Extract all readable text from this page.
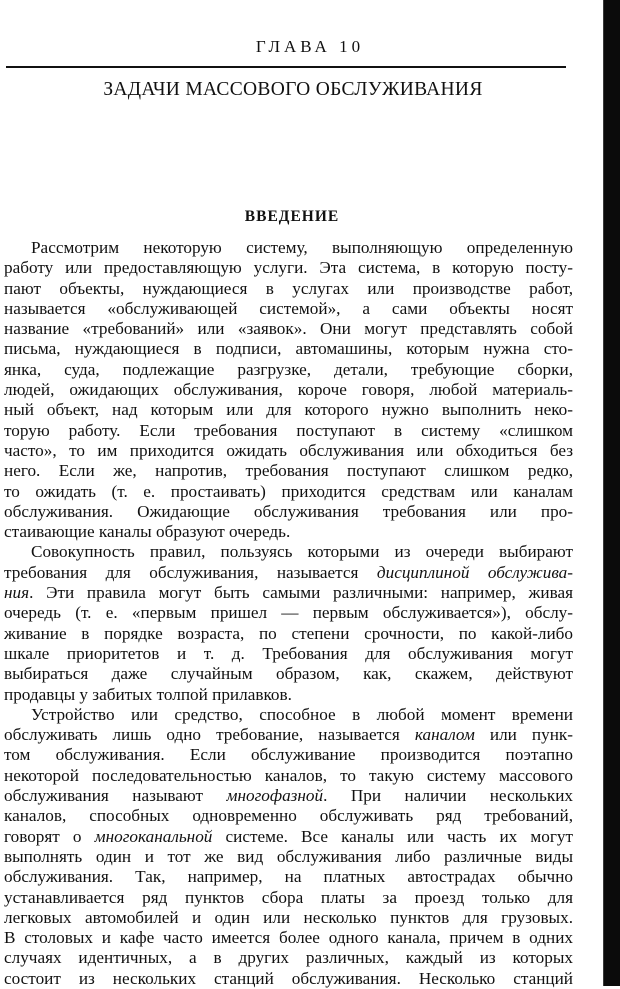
ГЛАВА 10
ЗАДАЧИ МАССОВОГО ОБСЛУЖИВАНИЯ
ВВЕДЕНИЕ
Рассмотрим некоторую систему, выполняющую определенную
работу или предоставляющую услуги. Эта система, в которую посту-
пают объекты, нуждающиеся в услугах или производстве работ,
называется «обслуживающей системой», а сами объекты носят
название «требований» или «заявок». Они могут представлять собой
письма, нуждающиеся в подписи, автомашины, которым нужна сто-
янка, суда, подлежащие разгрузке, детали, требующие сборки,
людей, ожидающих обслуживания, короче говоря, любой материаль-
ный объект, над которым или для которого нужно выполнить неко-
торую работу. Если требования поступают в систему «слишком
часто», то им приходится ожидать обслуживания или обходиться без
него. Если же, напротив, требования поступают слишком редко,
то ожидать (т. е. простаивать) приходится средствам или каналам
обслуживания. Ожидающие обслуживания требования или про-
стаивающие каналы образуют очередь.
Совокупность правил, пользуясь которыми из очереди выбирают
требования для обслуживания, называется дисциплиной обслужива-
ния. Эти правила могут быть самыми различными: например, живая
очередь (т. е. «первым пришел — первым обслуживается»), обслу-
живание в порядке возраста, по степени срочности, по какой-либо
шкале приоритетов и т. д. Требования для обслуживания могут
выбираться даже случайным образом, как, скажем, действуют
продавцы у забитых толпой прилавков.
Устройство или средство, способное в любой момент времени
обслуживать лишь одно требование, называется каналом или пунк-
том обслуживания. Если обслуживание производится поэтапно
некоторой последовательностью каналов, то такую систему массового
обслуживания называют многофазной. При наличии нескольких
каналов, способных одновременно обслуживать ряд требований,
говорят о многоканальной системе. Все каналы или часть их могут
выполнять один и тот же вид обслуживания либо различные виды
обслуживания. Так, например, на платных автострадах обычно
устанавливается ряд пунктов сбора платы за проезд только для
легковых автомобилей и один или несколько пунктов для грузовых.
В столовых и кафе часто имеется более одного канала, причем в одних
случаях идентичных, а в других различных, каждый из которых
состоит из нескольких станций обслуживания. Несколько станций
